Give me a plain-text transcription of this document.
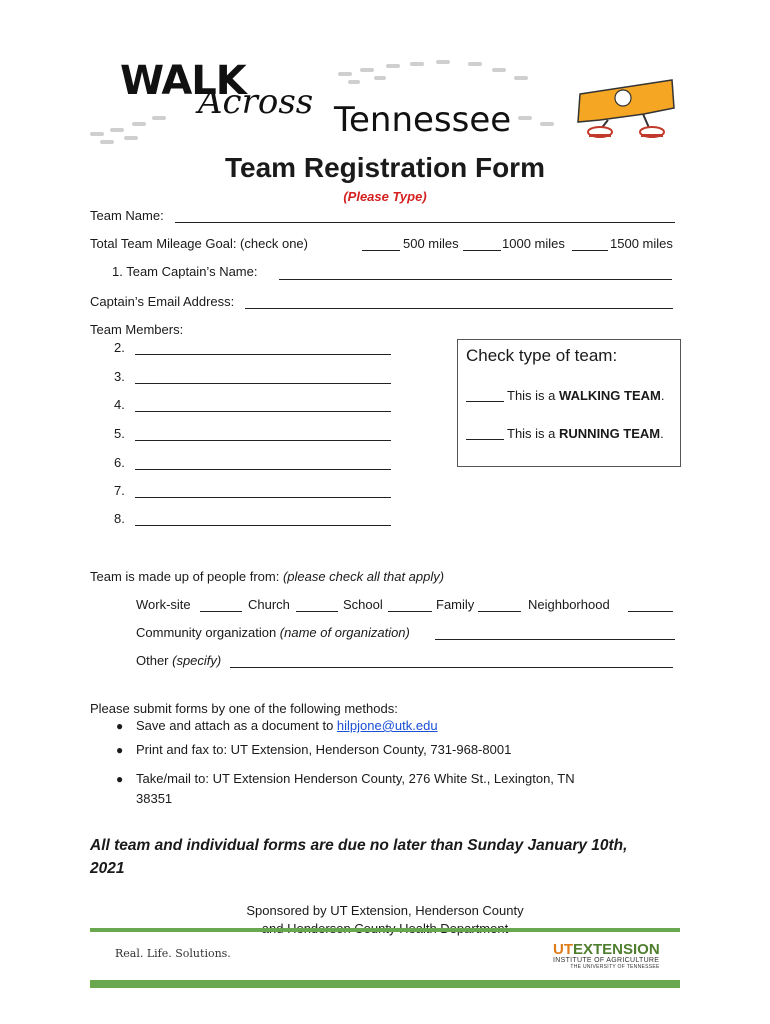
WALK
Across Tennessee
Team Registration Form
(Please Type)
Team Name:
Total Team Mileage Goal: (check one)	500 miles	1000 miles	1500 miles
1. Team Captain’s Name:
Captain’s Email Address:
Team Members:
2.
3.
4.
5.
6.
7.
8.
Check type of team:
This is a WALKING TEAM.
This is a RUNNING TEAM.
Team is made up of people from: (please check all that apply)
Work-site	Church	School	Family	Neighborhood
Community organization (name of organization)
Other (specify)
Please submit forms by one of the following methods:
● Save and attach as a document to hilpjone@utk.edu
● Print and fax to: UT Extension, Henderson County, 731-968-8001
● Take/mail to: UT Extension Henderson County, 276 White St., Lexington, TN
38351
All team and individual forms are due no later than Sunday January 10th,
2021
Sponsored by UT Extension, Henderson County
Real. Life. Solutions.	UTEXTENSION
INSTITUTE OF AGRICULTURE
THE UNIVERSITY OF TENNESSEE
